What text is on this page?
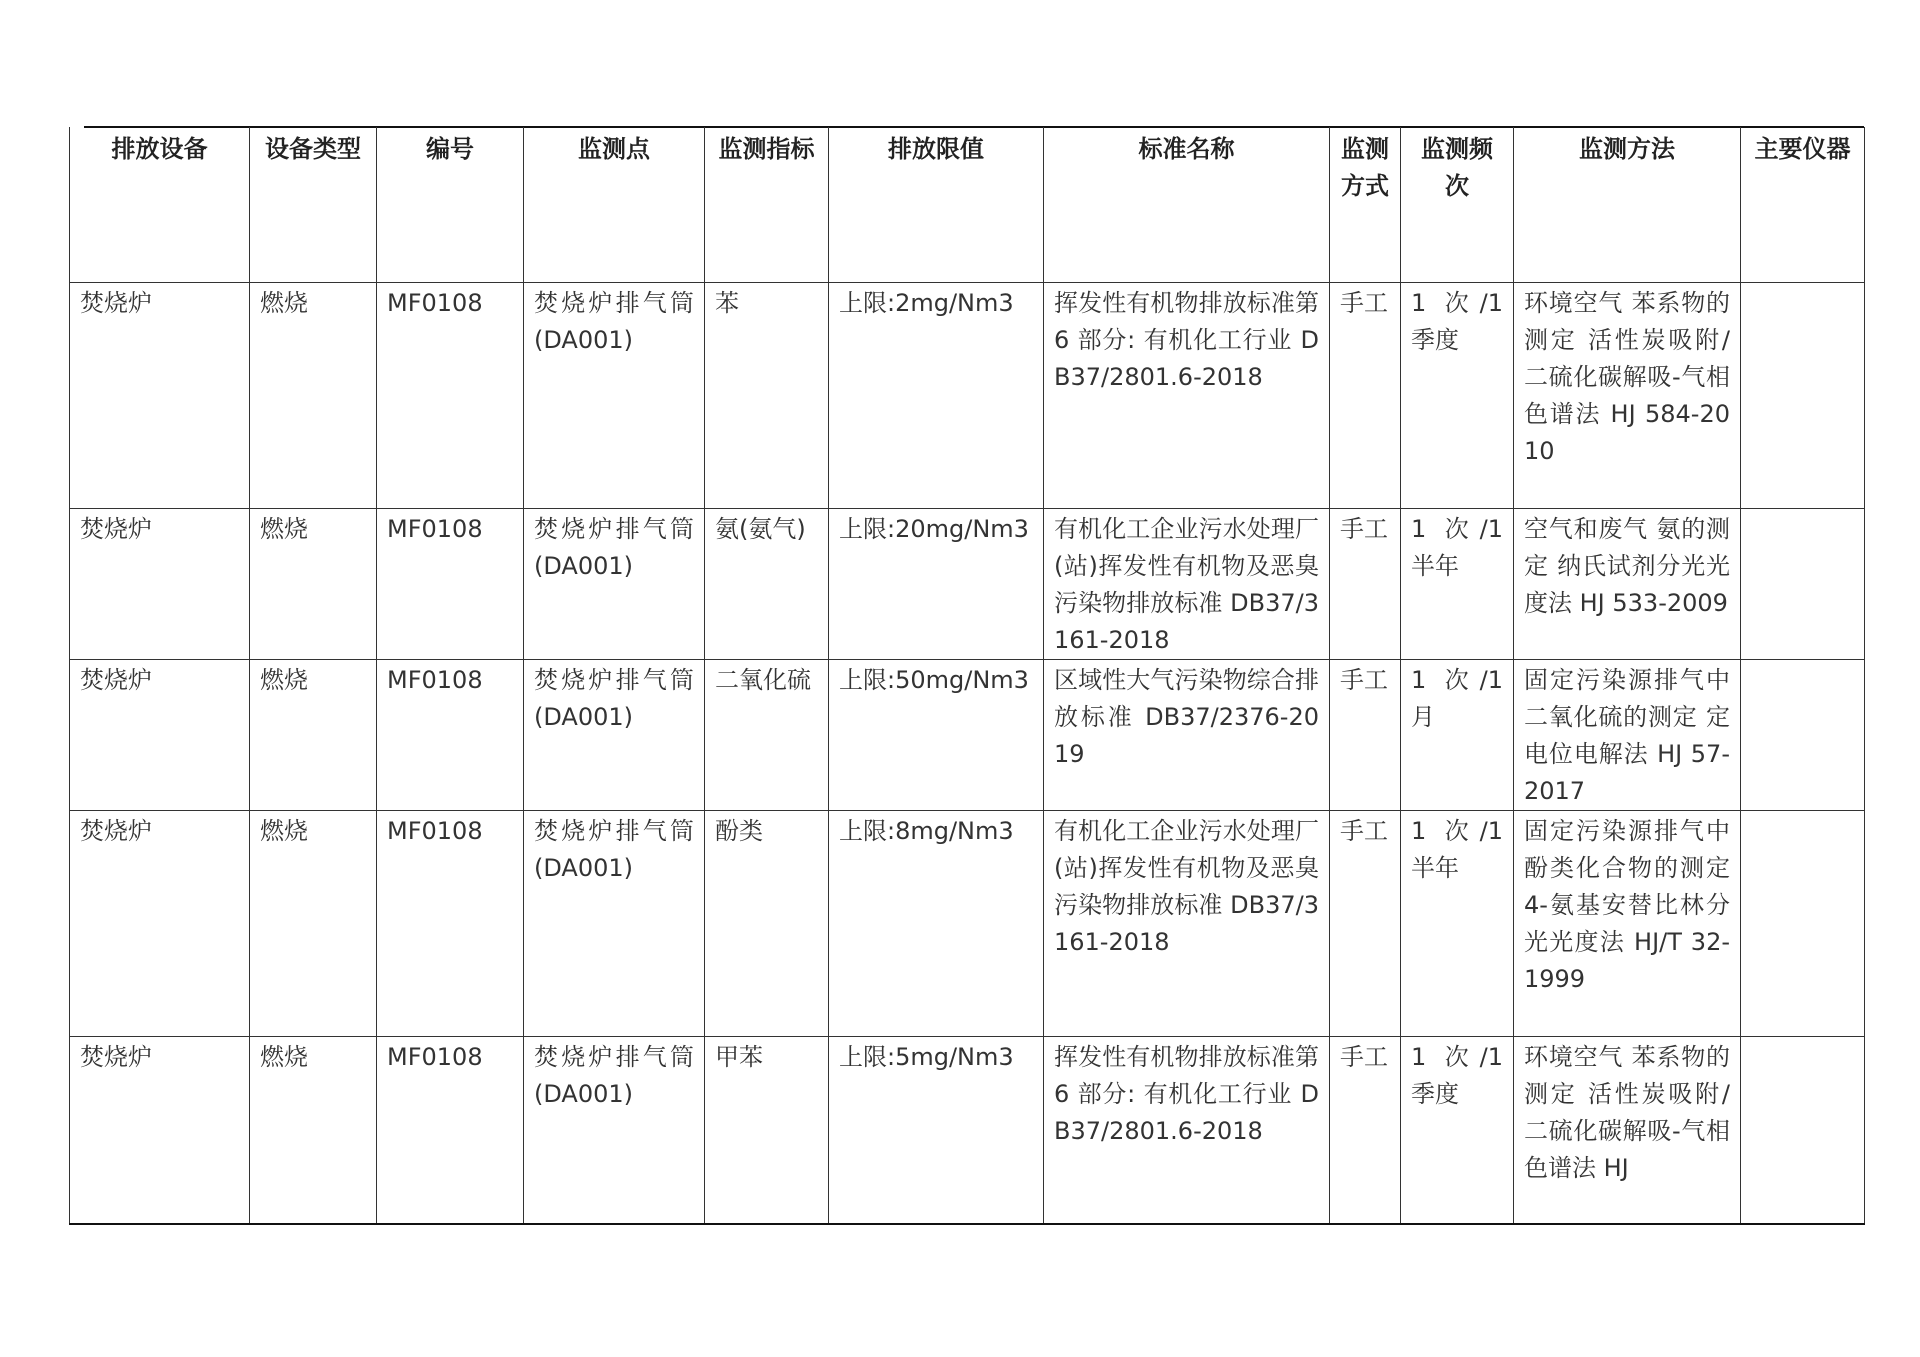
排放设备	设备类型	编号	监测点	监测指标	排放限值	标准名称	监测方式	监测频次	监测方法	主要仪器
焚烧炉	燃烧	MF0108	焚烧炉排气筒(DA001)	苯	上限:2mg/Nm3	挥发性有机物排放标准第 6 部分: 有机化工行业 DB37/2801.6-2018	手工	1 次/1 季度	环境空气 苯系物的测定 活性炭吸附/二硫化碳解吸-气相色谱法 HJ 584-2010	
焚烧炉	燃烧	MF0108	焚烧炉排气筒(DA001)	氨(氨气)	上限:20mg/Nm3	有机化工企业污水处理厂(站)挥发性有机物及恶臭污染物排放标准 DB37/3161-2018	手工	1 次/1 半年	空气和废气 氨的测定 纳氏试剂分光光度法 HJ 533-2009	
焚烧炉	燃烧	MF0108	焚烧炉排气筒(DA001)	二氧化硫	上限:50mg/Nm3	区域性大气污染物综合排放标准 DB37/2376-2019	手工	1 次/1 月	固定污染源排气中二氧化硫的测定 定电位电解法 HJ 57-2017	
焚烧炉	燃烧	MF0108	焚烧炉排气筒(DA001)	酚类	上限:8mg/Nm3	有机化工企业污水处理厂(站)挥发性有机物及恶臭污染物排放标准 DB37/3161-2018	手工	1 次/1 半年	固定污染源排气中酚类化合物的测定 4-氨基安替比林分光光度法 HJ/T 32-1999	
焚烧炉	燃烧	MF0108	焚烧炉排气筒(DA001)	甲苯	上限:5mg/Nm3	挥发性有机物排放标准第 6 部分: 有机化工行业 DB37/2801.6-2018	手工	1 次/1 季度	环境空气 苯系物的测定 活性炭吸附/二硫化碳解吸-气相色谱法 HJ	
